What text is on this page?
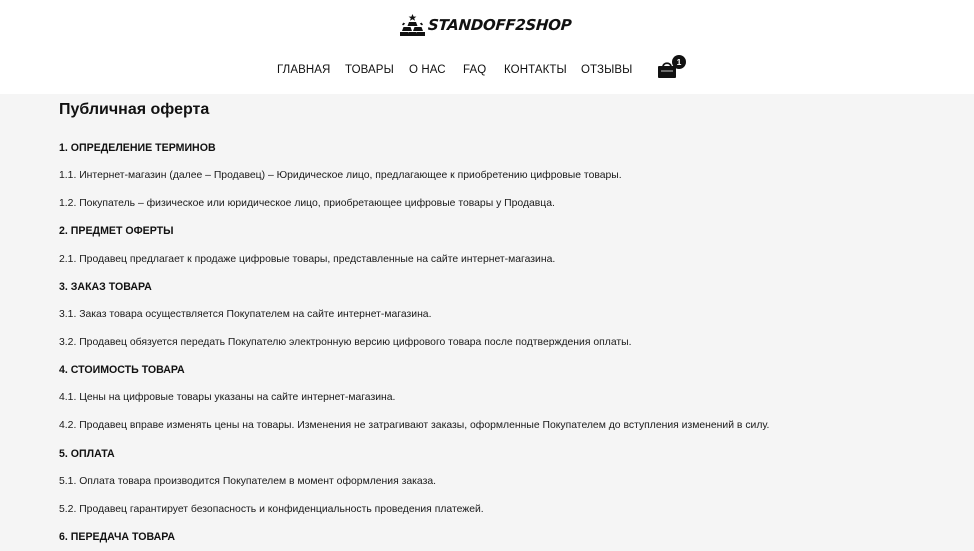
STANDOFF2SHOP
ГЛАВНАЯ ТОВАРЫ О НАС FAQ КОНТАКТЫ ОТЗЫВЫ
1
Публичная оферта
1. ОПРЕДЕЛЕНИЕ ТЕРМИНОВ

1.1. Интернет-магазин (далее – Продавец) – Юридическое лицо, предлагающее к приобретению цифровые товары.

1.2. Покупатель – физическое или юридическое лицо, приобретающее цифровые товары у Продавца.

2. ПРЕДМЕТ ОФЕРТЫ

2.1. Продавец предлагает к продаже цифровые товары, представленные на сайте интернет-магазина.

3. ЗАКАЗ ТОВАРА

3.1. Заказ товара осуществляется Покупателем на сайте интернет-магазина.

3.2. Продавец обязуется передать Покупателю электронную версию цифрового товара после подтверждения оплаты.

4. СТОИМОСТЬ ТОВАРА

4.1. Цены на цифровые товары указаны на сайте интернет-магазина.

4.2. Продавец вправе изменять цены на товары. Изменения не затрагивают заказы, оформленные Покупателем до вступления изменений в силу.

5. ОПЛАТА

5.1. Оплата товара производится Покупателем в момент оформления заказа.

5.2. Продавец гарантирует безопасность и конфиденциальность проведения платежей.

6. ПЕРЕДАЧА ТОВАРА
